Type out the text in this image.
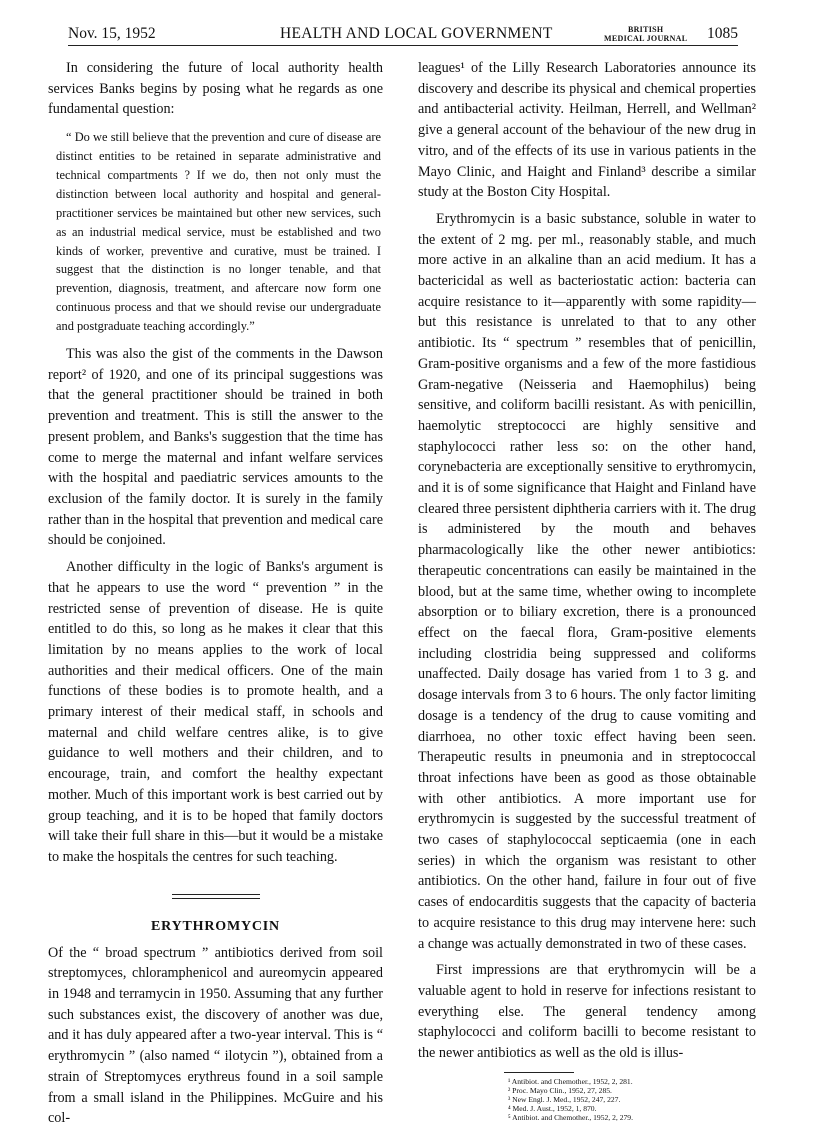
Nov. 15, 1952	HEALTH AND LOCAL GOVERNMENT	BRITISH
MEDICAL JOURNAL 1085

In considering the future of local authority health services Banks begins by posing what he regards as one fundamental question:

“ Do we still believe that the prevention and cure of disease are distinct entities to be retained in separate administrative and technical compartments ? If we do, then not only must the distinction between local authority and hospital and general-practitioner services be maintained but other new services, such as an industrial medical service, must be established and two kinds of worker, preventive and curative, must be trained. I suggest that the distinction is no longer tenable, and that prevention, diagnosis, treatment, and aftercare now form one continuous process and that we should revise our undergraduate and postgraduate teaching accordingly.”

This was also the gist of the comments in the Dawson report² of 1920, and one of its principal suggestions was that the general practitioner should be trained in both prevention and treatment. This is still the answer to the present problem, and Banks's suggestion that the time has come to merge the maternal and infant welfare services with the hospital and paediatric services amounts to the exclusion of the family doctor. It is surely in the family rather than in the hospital that prevention and medical care should be conjoined.

Another difficulty in the logic of Banks's argument is that he appears to use the word “ prevention ” in the restricted sense of prevention of disease. He is quite entitled to do this, so long as he makes it clear that this limitation by no means applies to the work of local authorities and their medical officers. One of the main functions of these bodies is to promote health, and a primary interest of their medical staff, in schools and maternal and child welfare centres alike, is to give guidance to well mothers and their children, and to encourage, train, and comfort the healthy expectant mother. Much of this important work is best carried out by group teaching, and it is to be hoped that family doctors will take their full share in this—but it would be a mistake to make the hospitals the centres for such teaching.

ERYTHROMYCIN

Of the “ broad spectrum ” antibiotics derived from soil streptomyces, chloramphenicol and aureomycin appeared in 1948 and terramycin in 1950. Assuming that any further such substances exist, the discovery of another was due, and it has duly appeared after a two-year interval. This is “ erythromycin ” (also named “ ilotycin ”), obtained from a strain of Streptomyces erythreus found in a soil sample from a small island in the Philippines. McGuire and his col-

leagues¹ of the Lilly Research Laboratories announce its discovery and describe its physical and chemical properties and antibacterial activity. Heilman, Herrell, and Wellman² give a general account of the behaviour of the new drug in vitro, and of the effects of its use in various patients in the Mayo Clinic, and Haight and Finland³ describe a similar study at the Boston City Hospital.

Erythromycin is a basic substance, soluble in water to the extent of 2 mg. per ml., reasonably stable, and much more active in an alkaline than an acid medium. It has a bactericidal as well as bacteriostatic action: bacteria can acquire resistance to it—apparently with some rapidity—but this resistance is unrelated to that to any other antibiotic. Its “ spectrum ” resembles that of penicillin, Gram-positive organisms and a few of the more fastidious Gram-negative (Neisseria and Haemophilus) being sensitive, and coliform bacilli resistant. As with penicillin, haemolytic streptococci are highly sensitive and staphylococci rather less so: on the other hand, corynebacteria are exceptionally sensitive to erythromycin, and it is of some significance that Haight and Finland have cleared three persistent diphtheria carriers with it. The drug is administered by the mouth and behaves pharmacologically like the other newer antibiotics: therapeutic concentrations can easily be maintained in the blood, but at the same time, whether owing to incomplete absorption or to biliary excretion, there is a pronounced effect on the faecal flora, Gram-positive elements including clostridia being suppressed and coliforms unaffected. Daily dosage has varied from 1 to 3 g. and dosage intervals from 3 to 6 hours. The only factor limiting dosage is a tendency of the drug to cause vomiting and diarrhoea, no other toxic effect having been seen. Therapeutic results in pneumonia and in streptococcal throat infections have been as good as those obtainable with other antibiotics. A more important use for erythromycin is suggested by the successful treatment of two cases of staphylococcal septicaemia (one in each series) in which the organism was resistant to other antibiotics. On the other hand, failure in four out of five cases of endocarditis suggests that the capacity of bacteria to acquire resistance to this drug may intervene here: such a change was actually demonstrated in two of these cases.

First impressions are that erythromycin will be a valuable agent to hold in reserve for infections resistant to everything else. The general tendency among staphylococci and coliform bacilli to become resistant to the newer antibiotics as well as the old is illus-

¹ Antibiot. and Chemother., 1952, 2, 281.
² Proc. Mayo Clin., 1952, 27, 285.
³ New Engl. J. Med., 1952, 247, 227.
⁴ Med. J. Aust., 1952, 1, 870.
⁵ Antibiot. and Chemother., 1952, 2, 279.
